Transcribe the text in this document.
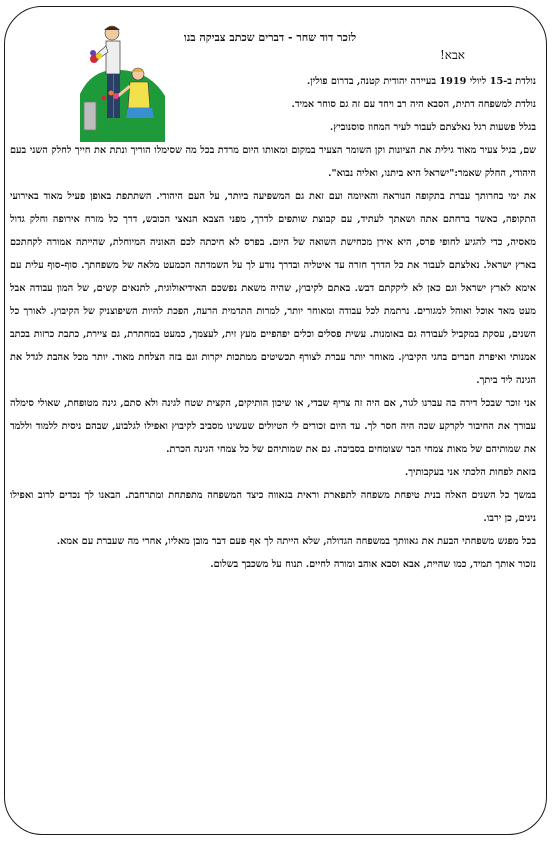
לזכר דוד שחר - דברים שכתב צביקה בנו
אבא!

נולדת ב-15 ליולי 1919 בעיירה יהודית קטנה, בדרום פולין.

נולדת למשפחה דתית, הסבא היה רב ויחד עם זה גם סוחר אמיד.

בגלל פשעות רגל נאלצתם לעבור לעיר המחוז סוסנוביץ.

שם, בגיל צעיר מאוד גילית את הציונות וקן השומר הצעיר במקום ומאותו היום מרדת בכל מה שסימלו הוריך ונתת את חייך לחלק השני בעם היהודי, החלק שאמר:"ישראל היא ביתנו, ואליה נבוא".

את ימי בחרותך עברת בתקופה הנוראה והאיומה ועם זאת גם המשפיעה ביותר, על העם היהודי. השתתפת באופן פעיל מאוד באירועי התקופה, כאשר ברחתם אתה ושאתך לעתיד, עם קבוצת שותפים לדרך, מפני הצבא הנאצי הכובש, דרך כל מזרח אירופה וחלק גדול מאסיה, כדי להגיע לחופי פרס, היא אירן מכחישת השואה של היום. בפרס לא חיכתה לכם האוניה המיוחלת, שהייתה אמורה לקחתכם בארץ ישראל. נאלצתם לעבור את כל הדרך חזרה עד איטליה ובדרך נודע לך על השמדתה הכמעט מלאה של משפחתך. סוף-סוף עלית עם אימא לארץ ישראל וגם כאן לא ליקקתם דבש. באתם לקיבוץ, שהיה משאת נפשכם האידיאולוגית, לתנאים קשים, של המון עבודה אבל מעט מאד אוכל ואוהל למגורים. נרתמת לכל עבודה ומאוחר יותר, למרות התדמית הרעה, הפכת להיות השיפוצניק של הקיבוץ. לאורך כל השנים, עסקת במקביל לעבודה גם באומנות. עשית פסלים וכלים יפהפיים מעץ זית, לעצמך, כמעט במחתרת, גם ציירת, כתבת כרזות בכתב אמנותי ואיפרת חברים בחגי הקיבוץ. מאוחר יותר עברת לצורף תכשיטים ממתכות יקרות וגם בזה הצלחת מאוד. יותר מכל אהבת לגדל את הגינה ליד ביתך.

אני זוכר שבכל דירה בה עברנו לגור, אם היה זה צריף שבדי, או שיכון הותיקים, הקצית שטח לגינה ולא סתם, גינה מטופחת, שאולי סימלה עבורך את החיבור לקרקע שכה היה חסר לך. עד היום זכורים לי הטיולים שעשינו מסביב לקיבוץ ואפילו לגלבוע, שבהם ניסית ללמוד וללמד את שמותיהם של מאות צמחי הבר שצומחים בסביבה. גם את שמותיהם של כל צמחי הגינה הכרת.

בזאת לפחות הלכתי אני בעקבותיך.

במשך כל השנים האלה בנית טיפחת משפחה לתפארת וראית בגאווה כיצד המשפחה מתפתחת ומתרחבת. הבאנו לך נכדים לרוב ואפילו נינים, כן ירבו.

בכל מפגש משפחתי הבעת את גאוותך במשפחה הגדולה, שלא הייתה לך אף פעם דבר מובן מאליו, אחרי מה שעברת עם אמא.

נזכור אותך תמיד, כמו שהיית, אבא וסבא אוהב ומורה לחיים. תנוח על משכבך בשלום.
